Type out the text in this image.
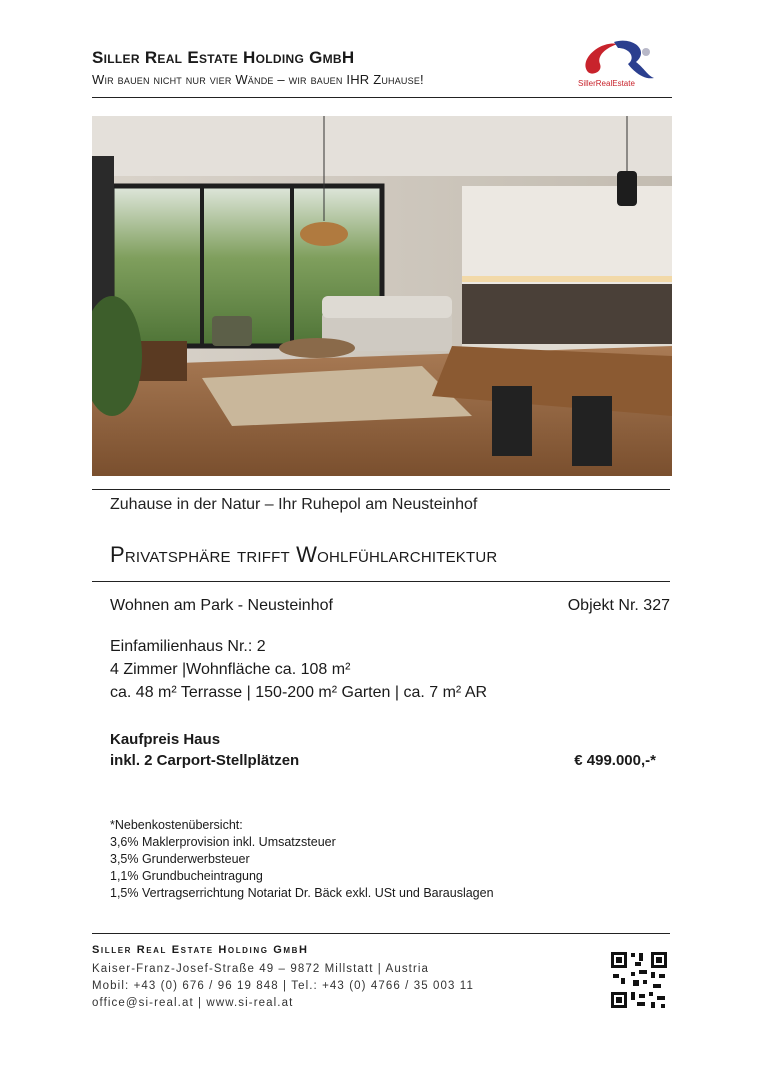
Siller Real Estate Holding GmbH
Wir bauen nicht nur vier Wände – wir bauen IHR Zuhause!	SillerRealEstate
Zuhause in der Natur – Ihr Ruhepol am Neusteinhof
Privatsphäre trifft Wohlfühlarchitektur
Wohnen am Park - Neusteinhof	Objekt Nr. 327
Einfamilienhaus Nr.: 2
4 Zimmer |Wohnfläche ca. 108 m²
ca. 48 m² Terrasse | 150-200 m² Garten | ca. 7 m² AR
Kaufpreis Haus
inkl. 2 Carport-Stellplätzen	€ 499.000,-*
*Nebenkostenübersicht:
3,6% Maklerprovision inkl. Umsatzsteuer
3,5% Grunderwerbsteuer
1,1% Grundbucheintragung
1,5% Vertragserrichtung Notariat Dr. Bäck exkl. USt und Barauslagen
Siller Real Estate Holding GmbH
Kaiser-Franz-Josef-Straße 49 – 9872 Millstatt | Austria
Mobil: +43 (0) 676 / 96 19 848 | Tel.: +43 (0) 4766 / 35 003 11
office@si-real.at | www.si-real.at
